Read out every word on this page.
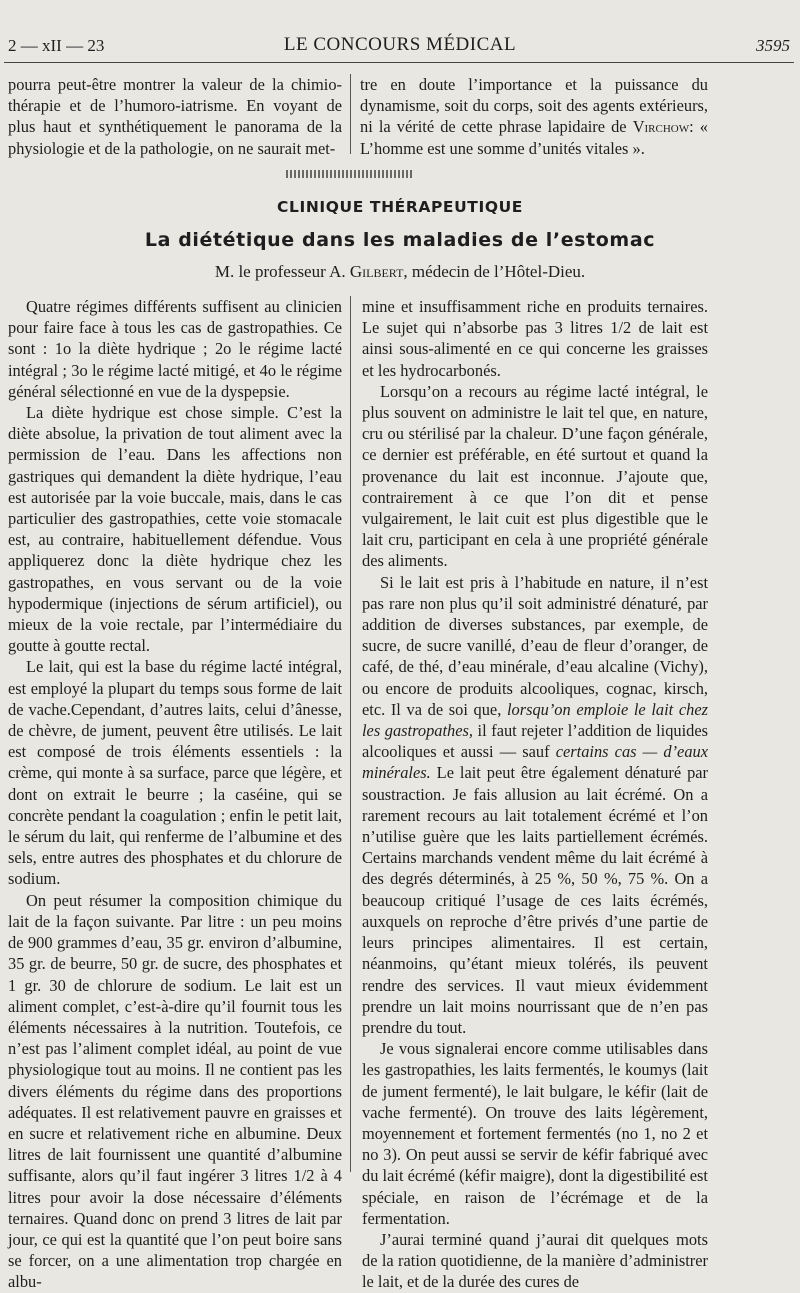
2 — xII — 23	LE CONCOURS MÉDICAL	3595

pourra peut-être montrer la valeur de la chimio-thérapie et de l’humoro-iatrisme. En voyant de plus haut et synthétiquement le panorama de la physiologie et de la pathologie, on ne saurait met-

tre en doute l’importance et la puissance du dynamisme, soit du corps, soit des agents extérieurs, ni la vérité de cette phrase lapidaire de Virchow: « L’homme est une somme d’unités vitales ».

CLINIQUE THÉRAPEUTIQUE
La diététique dans les maladies de l’estomac
M. le professeur A. Gilbert, médecin de l’Hôtel-Dieu.

Quatre régimes différents suffisent au clinicien pour faire face à tous les cas de gastropathies. Ce sont : 1o la diète hydrique ; 2o le régime lacté intégral ; 3o le régime lacté mitigé, et 4o le régime général sélectionné en vue de la dyspepsie.

La diète hydrique est chose simple. C’est la diète absolue, la privation de tout aliment avec la permission de l’eau. Dans les affections non gastriques qui demandent la diète hydrique, l’eau est autorisée par la voie buccale, mais, dans le cas particulier des gastropathies, cette voie stomacale est, au contraire, habituellement défendue. Vous appliquerez donc la diète hydrique chez les gastropathes, en vous servant ou de la voie hypodermique (injections de sérum artificiel), ou mieux de la voie rectale, par l’intermédiaire du goutte à goutte rectal.

Le lait, qui est la base du régime lacté intégral, est employé la plupart du temps sous forme de lait de vache.Cependant, d’autres laits, celui d’ânesse, de chèvre, de jument, peuvent être utilisés. Le lait est composé de trois éléments essentiels : la crème, qui monte à sa surface, parce que légère, et dont on extrait le beurre ; la caséine, qui se concrète pendant la coagulation ; enfin le petit lait, le sérum du lait, qui renferme de l’albumine et des sels, entre autres des phosphates et du chlorure de sodium.

On peut résumer la composition chimique du lait de la façon suivante. Par litre : un peu moins de 900 grammes d’eau, 35 gr. environ d’albumine, 35 gr. de beurre, 50 gr. de sucre, des phosphates et 1 gr. 30 de chlorure de sodium. Le lait est un aliment complet, c’est-à-dire qu’il fournit tous les éléments nécessaires à la nutrition. Toutefois, ce n’est pas l’aliment complet idéal, au point de vue physiologique tout au moins. Il ne contient pas les divers éléments du régime dans des proportions adéquates. Il est relativement pauvre en graisses et en sucre et relativement riche en albumine. Deux litres de lait fournissent une quantité d’albumine suffisante, alors qu’il faut ingérer 3 litres 1/2 à 4 litres pour avoir la dose nécessaire d’éléments ternaires. Quand donc on prend 3 litres de lait par jour, ce qui est la quantité que l’on peut boire sans se forcer, on a une alimentation trop chargée en albu-

mine et insuffisamment riche en produits ternaires. Le sujet qui n’absorbe pas 3 litres 1/2 de lait est ainsi sous-alimenté en ce qui concerne les graisses et les hydrocarbonés.

Lorsqu’on a recours au régime lacté intégral, le plus souvent on administre le lait tel que, en nature, cru ou stérilisé par la chaleur. D’une façon générale, ce dernier est préférable, en été surtout et quand la provenance du lait est inconnue. J’ajoute que, contrairement à ce que l’on dit et pense vulgairement, le lait cuit est plus digestible que le lait cru, participant en cela à une propriété générale des aliments.

Si le lait est pris à l’habitude en nature, il n’est pas rare non plus qu’il soit administré dénaturé, par addition de diverses substances, par exemple, de sucre, de sucre vanillé, d’eau de fleur d’oranger, de café, de thé, d’eau minérale, d’eau alcaline (Vichy), ou encore de produits alcooliques, cognac, kirsch, etc. Il va de soi que, lorsqu’on emploie le lait chez les gastropathes, il faut rejeter l’addition de liquides alcooliques et aussi — sauf certains cas — d’eaux minérales. Le lait peut être également dénaturé par soustraction. Je fais allusion au lait écrémé. On a rarement recours au lait totalement écrémé et l’on n’utilise guère que les laits partiellement écrémés. Certains marchands vendent même du lait écrémé à des degrés déterminés, à 25 %, 50 %, 75 %. On a beaucoup critiqué l’usage de ces laits écrémés, auxquels on reproche d’être privés d’une partie de leurs principes alimentaires. Il est certain, néanmoins, qu’étant mieux tolérés, ils peuvent rendre des services. Il vaut mieux évidemment prendre un lait moins nourrissant que de n’en pas prendre du tout.

Je vous signalerai encore comme utilisables dans les gastropathies, les laits fermentés, le koumys (lait de jument fermenté), le lait bulgare, le kéfir (lait de vache fermenté). On trouve des laits légèrement, moyennement et fortement fermentés (no 1, no 2 et no 3). On peut aussi se servir de kéfir fabriqué avec du lait écrémé (kéfir maigre), dont la digestibilité est spéciale, en raison de l’écrémage et de la fermentation.

J’aurai terminé quand j’aurai dit quelques mots de la ration quotidienne, de la manière d’administrer le lait, et de la durée des cures de
